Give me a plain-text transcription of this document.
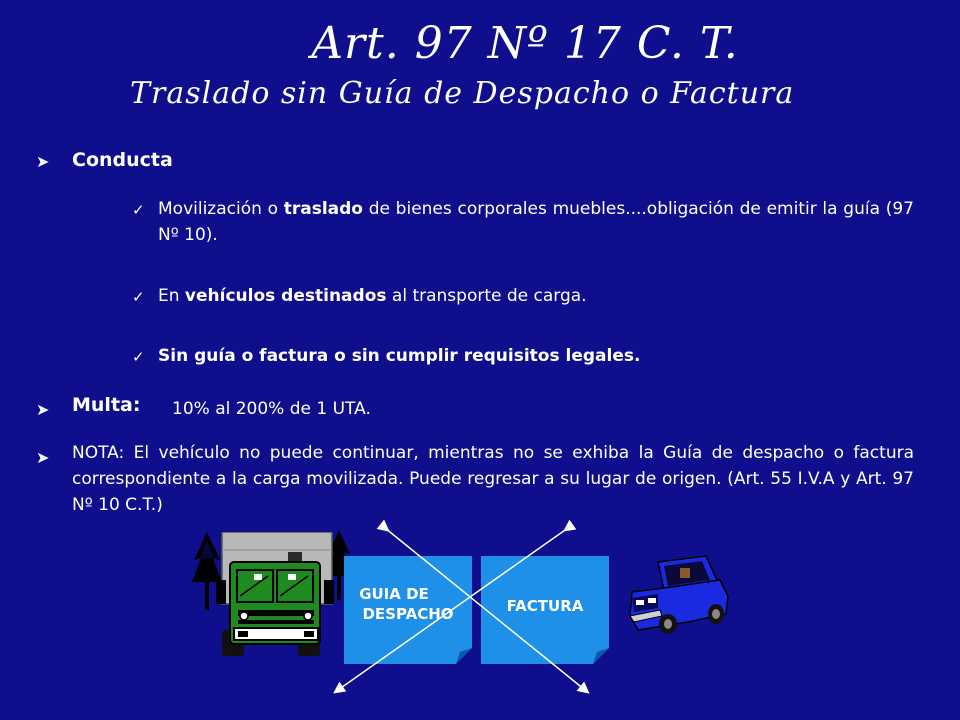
Art. 97 Nº 17 C. T.
Traslado sin Guía de Despacho o Factura
➤ Conducta
✓ Movilización o traslado de bienes corporales muebles....obligación de emitir la guía (97 Nº 10).
✓ En vehículos destinados al transporte de carga.
✓ Sin guía o factura o sin cumplir requisitos legales.
➤ Multa: 10% al 200% de 1 UTA.
➤ NOTA: El vehículo no puede continuar, mientras no se exhiba la Guía de despacho o factura correspondiente a la carga movilizada. Puede regresar a su lugar de origen. (Art. 55 I.V.A y Art. 97 Nº 10 C.T.)
GUIA DE
DESPACHO	FACTURA
